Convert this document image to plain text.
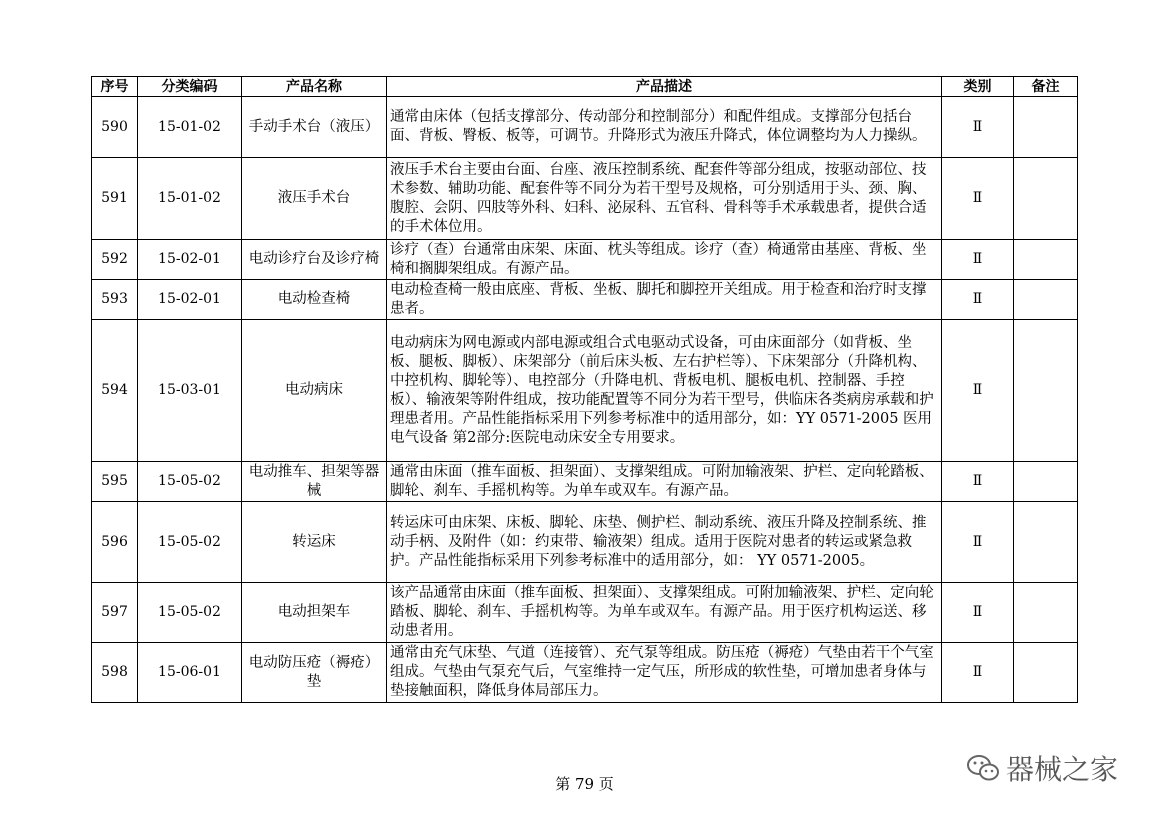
序号	分类编码	产品名称	产品描述	类别	备注
590	15-01-02	手动手术台（液压）	通常由床体（包括支撑部分、传动部分和控制部分）和配件组成。支撑部分包括台面、背板、臀板、板等，可调节。升降形式为液压升降式，体位调整均为人力操纵。	Ⅱ	
591	15-01-02	液压手术台	液压手术台主要由台面、台座、液压控制系统、配套件等部分组成，按驱动部位、技术参数、辅助功能、配套件等不同分为若干型号及规格，可分别适用于头、颈、胸、腹腔、会阴、四肢等外科、妇科、泌尿科、五官科、骨科等手术承载患者，提供合适的手术体位用。	Ⅱ	
592	15-02-01	电动诊疗台及诊疗椅	诊疗（查）台通常由床架、床面、枕头等组成。诊疗（查）椅通常由基座、背板、坐椅和搁脚架组成。有源产品。	Ⅱ	
593	15-02-01	电动检查椅	电动检查椅一般由底座、背板、坐板、脚托和脚控开关组成。用于检查和治疗时支撑患者。	Ⅱ	
594	15-03-01	电动病床	电动病床为网电源或内部电源或组合式电驱动式设备，可由床面部分（如背板、坐板、腿板、脚板）、床架部分（前后床头板、左右护栏等）、下床架部分（升降机构、中控机构、脚轮等）、电控部分（升降电机、背板电机、腿板电机、控制器、手控板）、输液架等附件组成，按功能配置等不同分为若干型号，供临床各类病房承载和护理患者用。产品性能指标采用下列参考标准中的适用部分，如：YY 0571-2005 医用电气设备 第2部分:医院电动床安全专用要求。	Ⅱ	
595	15-05-02	电动推车、担架等器械	通常由床面（推车面板、担架面）、支撑架组成。可附加输液架、护栏、定向轮踏板、脚轮、刹车、手摇机构等。为单车或双车。有源产品。	Ⅱ	
596	15-05-02	转运床	转运床可由床架、床板、脚轮、床垫、侧护栏、制动系统、液压升降及控制系统、推动手柄、及附件（如：约束带、输液架）组成。适用于医院对患者的转运或紧急救护。产品性能指标采用下列参考标准中的适用部分，如： YY 0571-2005。	Ⅱ	
597	15-05-02	电动担架车	该产品通常由床面（推车面板、担架面）、支撑架组成。可附加输液架、护栏、定向轮踏板、脚轮、刹车、手摇机构等。为单车或双车。有源产品。用于医疗机构运送、移动患者用。	Ⅱ	
598	15-06-01	电动防压疮（褥疮）垫	通常由充气床垫、气道（连接管）、充气泵等组成。防压疮（褥疮）气垫由若干个气室组成。气垫由气泵充气后，气室维持一定气压，所形成的软性垫，可增加患者身体与垫接触面积，降低身体局部压力。	Ⅱ	
第 79 页	器械之家
